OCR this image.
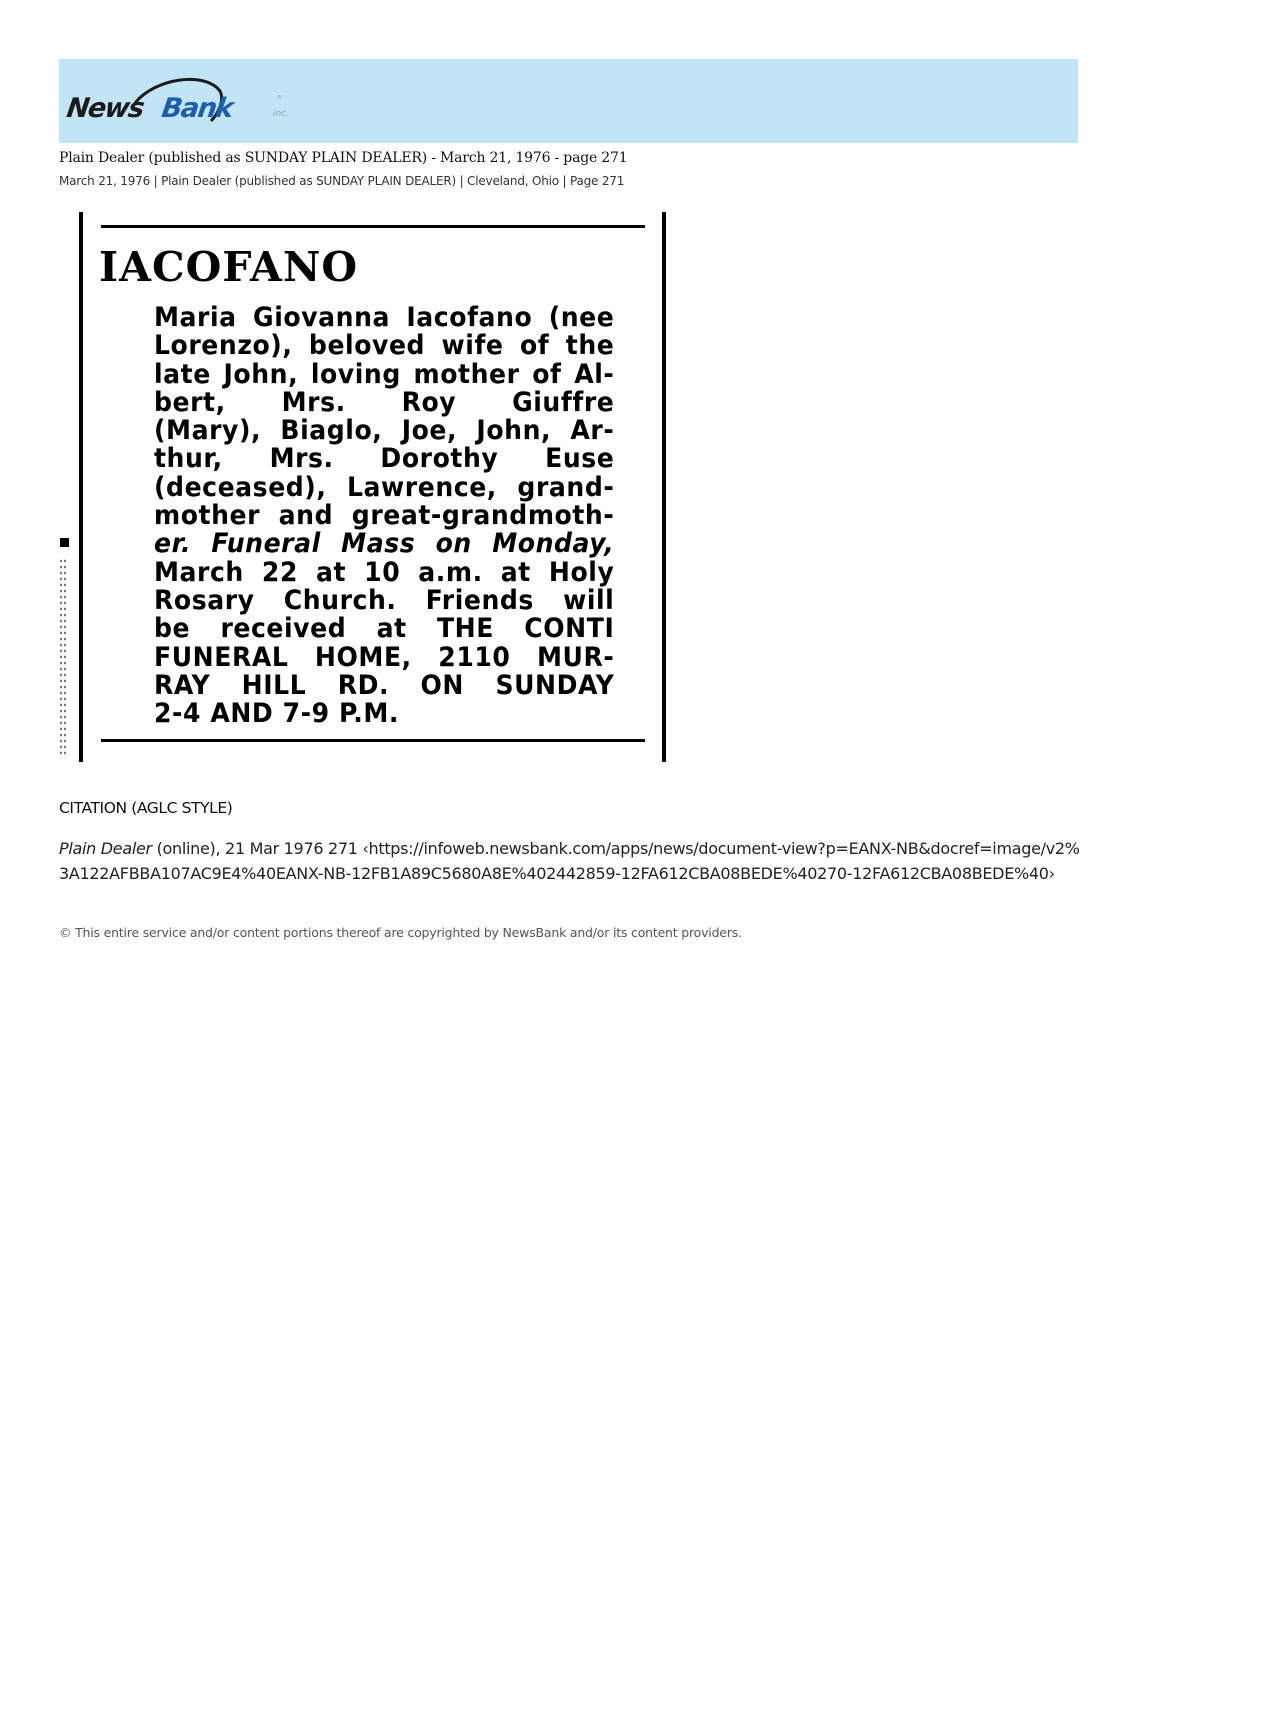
News Bank	®
inc.
Plain Dealer (published as SUNDAY PLAIN DEALER) - March 21, 1976 - page 271
March 21, 1976 | Plain Dealer (published as SUNDAY PLAIN DEALER) | Cleveland, Ohio | Page 271
IACOFANO
Maria Giovanna Iacofano (nee
Lorenzo), beloved wife of the
late John, loving mother of Al-
bert, Mrs. Roy Giuffre
(Mary), Biaglo, Joe, John, Ar-
thur, Mrs. Dorothy Euse
(deceased), Lawrence, grand-
mother and great-grandmoth-
er. Funeral Mass on Monday,
March 22 at 10 a.m. at Holy
Rosary Church. Friends will
be received at THE CONTI
FUNERAL HOME, 2110 MUR-
RAY HILL RD. ON SUNDAY
2-4 AND 7-9 P.M.
CITATION (AGLC STYLE)
Plain Dealer (online), 21 Mar 1976 271 ‹https://infoweb.newsbank.com/apps/news/document-view?p=EANX-NB&docref=image/v2%3A122AFBBA107AC9E4%40EANX-NB-12FB1A89C5680A8E%402442859-12FA612CBA08BEDE%40270-12FA612CBA08BEDE%40›
© This entire service and/or content portions thereof are copyrighted by NewsBank and/or its content providers.
